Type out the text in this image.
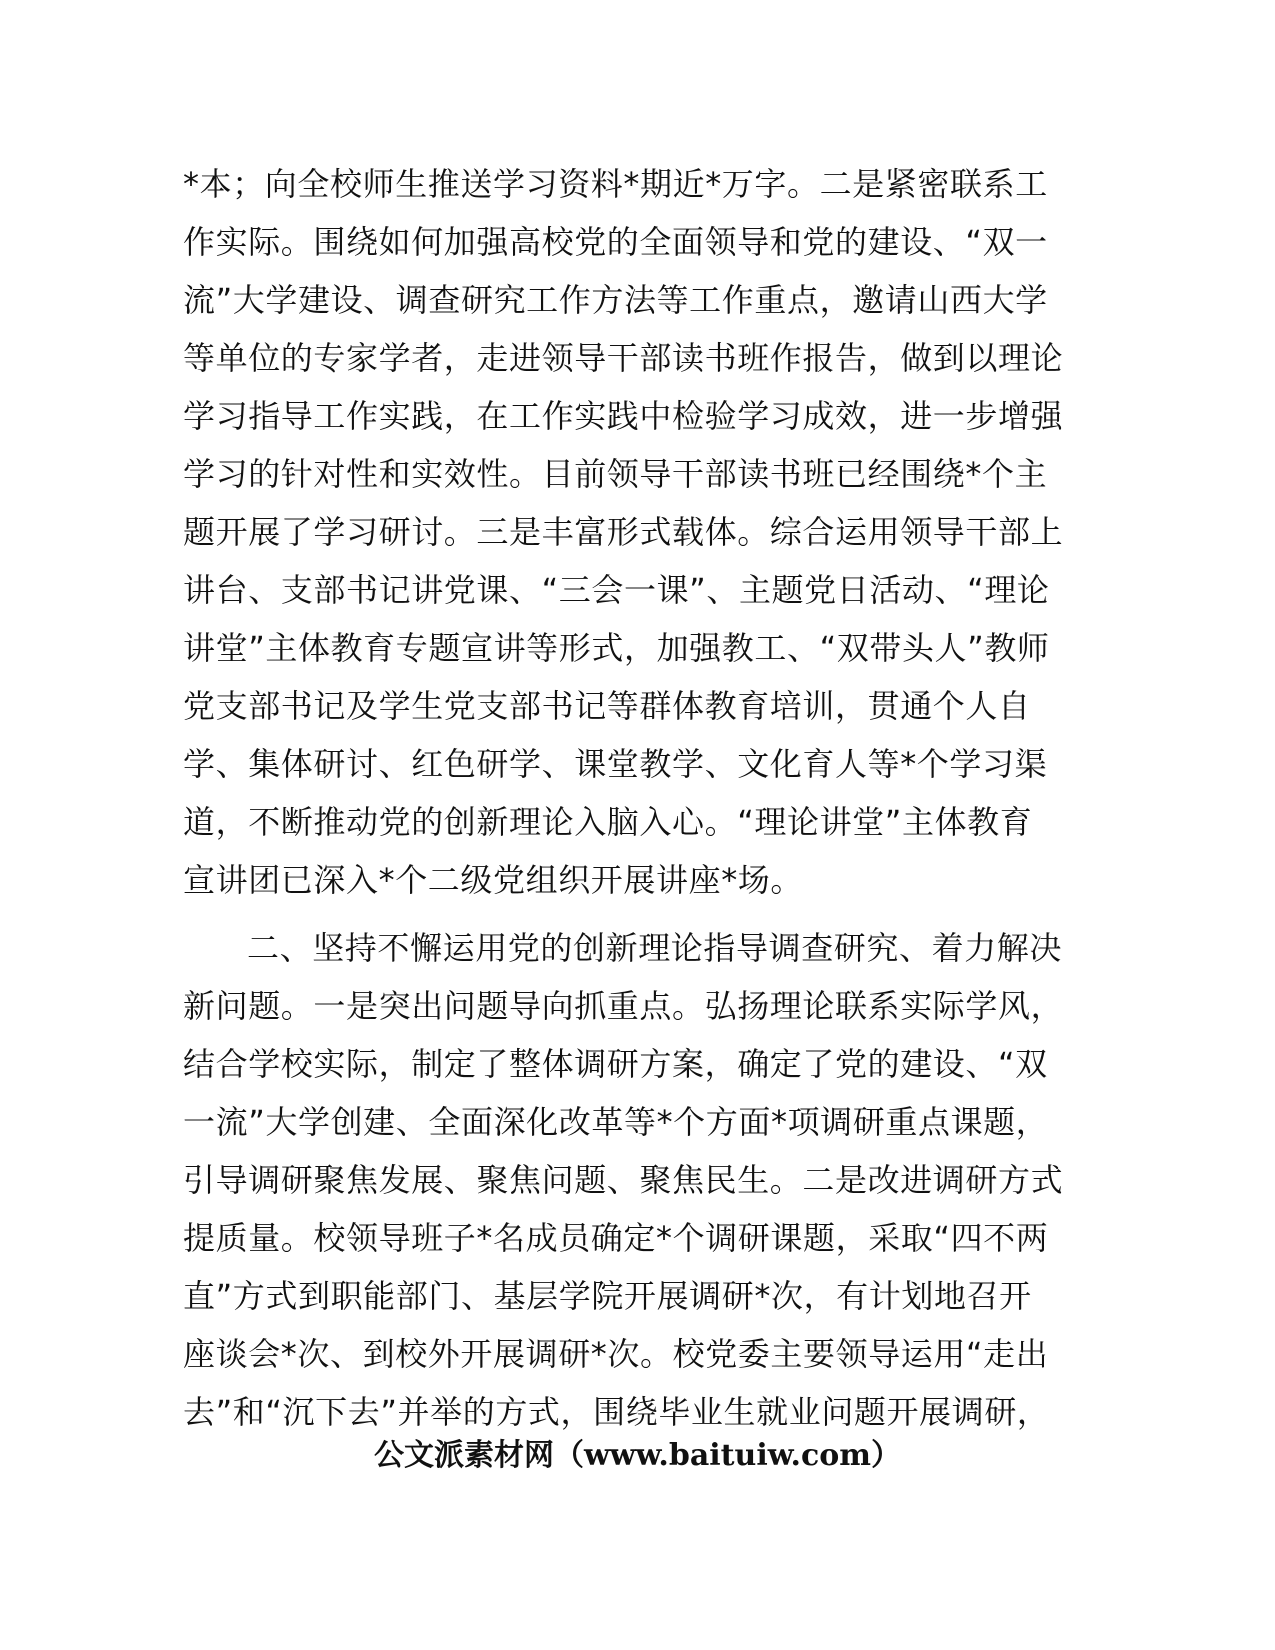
*本；向全校师生推送学习资料*期近*万字。二是紧密联系工
作实际。围绕如何加强高校党的全面领导和党的建设、“双一
流”大学建设、调查研究工作方法等工作重点，邀请山西大学
等单位的专家学者，走进领导干部读书班作报告，做到以理论
学习指导工作实践，在工作实践中检验学习成效，进一步增强
学习的针对性和实效性。目前领导干部读书班已经围绕*个主
题开展了学习研讨。三是丰富形式载体。综合运用领导干部上
讲台、支部书记讲党课、“三会一课”、主题党日活动、“理论
讲堂”主体教育专题宣讲等形式，加强教工、“双带头人”教师
党支部书记及学生党支部书记等群体教育培训，贯通个人自
学、集体研讨、红色研学、课堂教学、文化育人等*个学习渠
道，不断推动党的创新理论入脑入心。“理论讲堂”主体教育
宣讲团已深入*个二级党组织开展讲座*场。
二、坚持不懈运用党的创新理论指导调查研究、着力解决
新问题。一是突出问题导向抓重点。弘扬理论联系实际学风，
结合学校实际，制定了整体调研方案，确定了党的建设、“双
一流”大学创建、全面深化改革等*个方面*项调研重点课题，
引导调研聚焦发展、聚焦问题、聚焦民生。二是改进调研方式
提质量。校领导班子*名成员确定*个调研课题，采取“四不两
直”方式到职能部门、基层学院开展调研*次，有计划地召开
座谈会*次、到校外开展调研*次。校党委主要领导运用“走出
去”和“沉下去”并举的方式，围绕毕业生就业问题开展调研，
公文派素材网（www.baituiw.com）
